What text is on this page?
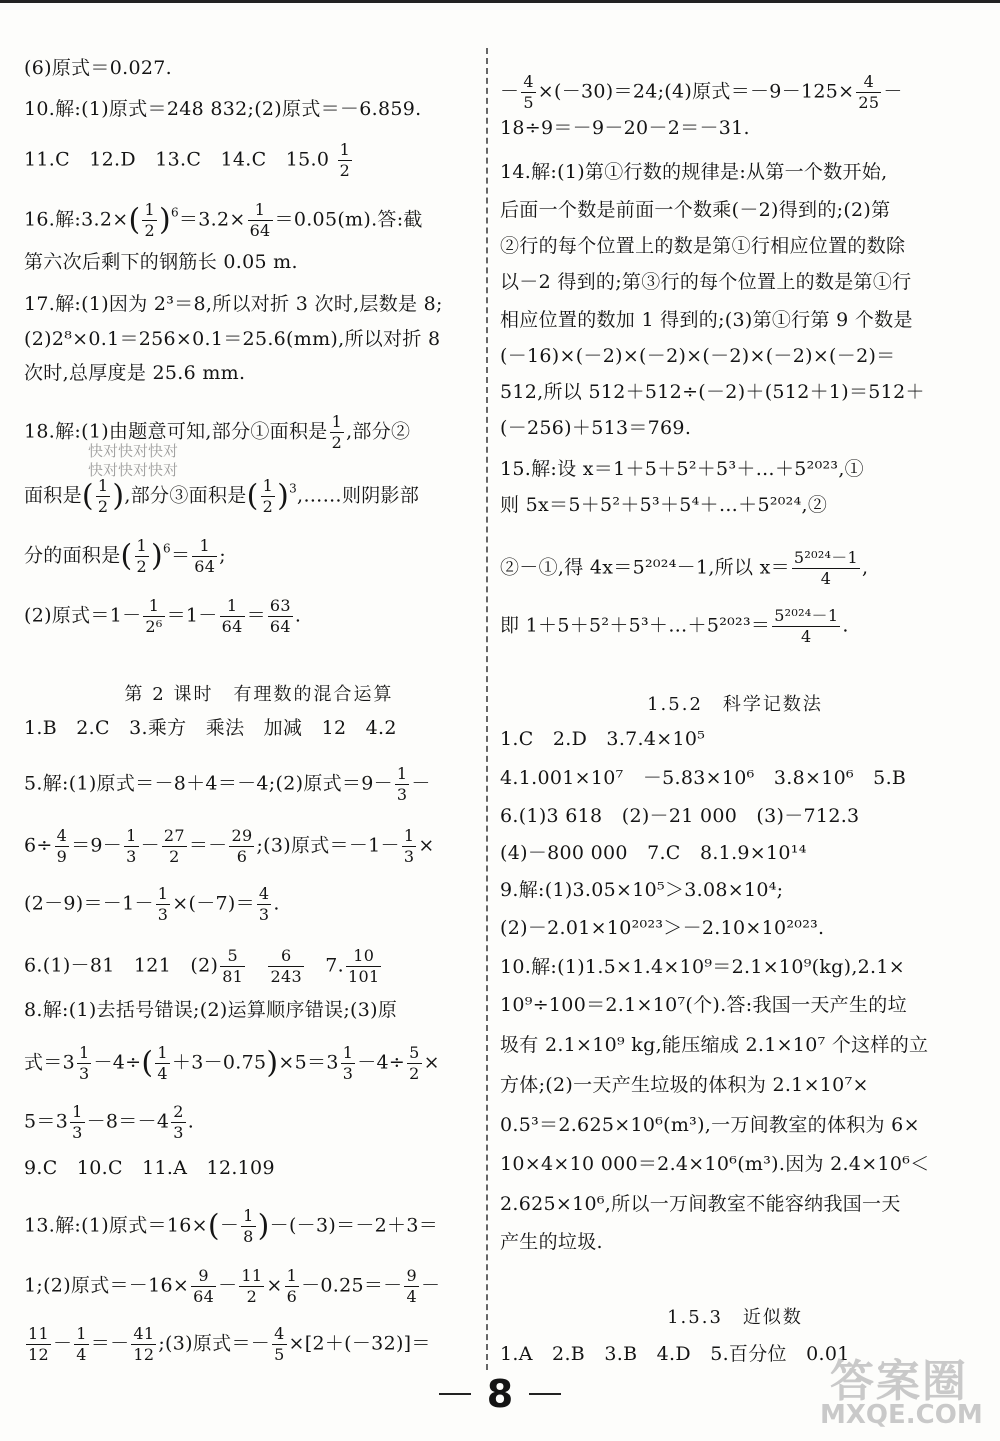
(6)原式＝0.027.
10.解:(1)原式＝248 832;(2)原式＝－6.859.
11.C　12.D　13.C　14.C　$15.0 \frac{1}{2}$
16.解:3.2×( $\frac{1}{2} )^6=3.2\times \frac{1}{64} =0.05(m)$.答:截
第六次后剩下的钢筋长 0.05 m.
17.解:(1)因为 2³＝8,所以对折 3 次时,层数是 8;
(2)2⁸×0.1＝256×0.1＝25.6(mm),所以对折 8
次时,总厚度是 25.6 mm.
18.解:(1)由题意可知,部分①面积是 $\frac{1}{2}$ ,部分②
面积是( $\frac{1}{2}$ ),部分③面积是( $\frac{1}{2}$ )$^3$,……则阴影部
分的面积是( $\frac{1}{2} )^6= \frac{1}{64}$ ;
(2)原式$=1- \frac{1}{\text{2⁶}} =1- \frac{1}{64} = \frac{63}{64}$ .
第 2 课时　有理数的混合运算
1.B　2.C　3.乘方　乘法　加减　12　4.2
5.解:(1)原式＝－8＋4＝－4;(2)原式$=9- \frac{1}{3}$ －
$6\div \frac{4}{9} =9- \frac{1}{3} - \frac{27}{2} =- \frac{29}{6}$ ;(3)原式$=-1- \frac{1}{3}$ ×
$(2-9)=-1- \frac{1}{3} \times(-7)= \frac{4}{3}$ .
6.(1)－81　121　$(2) \frac{5}{81}$
　 $\frac{6}{243}$
　 7. $\frac{10}{101}$
8.解:(1)去括号错误;(2)运算顺序错误;(3)原
式$=3 \frac{1}{3} -4\div( \frac{1}{4} +3-0.75)\times 5=3 \frac{1}{3} -4\div \frac{5}{2}$ ×
$5=3 \frac{1}{3} -8=-4 \frac{2}{3}$ .
9.C　10.C　11.A　12.109
13.解:(1)原式$=16\times(- \frac{1}{8} )-(-3)=-2+3=$
1;(2)原式$=-16\times \frac{9}{64} - \frac{11}{2} \times \frac{1}{6} -0.25=- \frac{9}{4}$ －
$\frac{11}{12} - \frac{1}{4} =- \frac{41}{12}$ ;(3)原式＝－ $\frac{4}{5} \times[2+(-32)]=$
快对快对快对
快对快对快对
－ $\frac{4}{5}$ ×(－30)＝24;(4)原式$=-9-125\times \frac{4}{25}$ －
18÷9＝－9－20－2＝－31.
14.解:(1)第①行数的规律是:从第一个数开始,
后面一个数是前面一个数乘(－2)得到的;(2)第
②行的每个位置上的数是第①行相应位置的数除
以－2 得到的;第③行的每个位置上的数是第①行
相应位置的数加 1 得到的;(3)第①行第 9 个数是
(－16)×(－2)×(－2)×(－2)×(－2)×(－2)＝
512,所以 512＋512÷(－2)＋(512＋1)＝512＋
(－256)＋513＝769.
15.解:设 x＝1＋5＋5²＋5³＋…＋5²⁰²³,①
则 5x＝5＋5²＋5³＋5⁴＋…＋5²⁰²⁴,②
②－①,得 4x＝5²⁰²⁴－1,所以 $x= \frac{\text{5²⁰²⁴－1}}{4}$ ,
即 1＋5＋5²＋5³＋…＋5²⁰²³＝ $\frac{\text{5²⁰²⁴－1}}{4}$ .
1.5.2　科学记数法
1.C　2.D　3.7.4×10⁵
4.1.001×10⁷　－5.83×10⁶　3.8×10⁶　5.B
6.(1)3 618　(2)－21 000　(3)－712.3
(4)－800 000　7.C　8.1.9×10¹⁴
9.解:(1)3.05×10⁵＞3.08×10⁴;
(2)－2.01×10²⁰²³＞－2.10×10²⁰²³.
10.解:(1)1.5×1.4×10⁹＝2.1×10⁹(kg),2.1×
10⁹÷100＝2.1×10⁷(个).答:我国一天产生的垃
圾有 2.1×10⁹ kg,能压缩成 2.1×10⁷ 个这样的立
方体;(2)一天产生垃圾的体积为 2.1×10⁷×
0.5³＝2.625×10⁶(m³),一万间教室的体积为 6×
10×4×10 000＝2.4×10⁶(m³).因为 2.4×10⁶＜
2.625×10⁶,所以一万间教室不能容纳我国一天
产生的垃圾.
1.5.3　近似数
1.A　2.B　3.B　4.D　5.百分位　0.01
8	答案圈
MXQE.COM
